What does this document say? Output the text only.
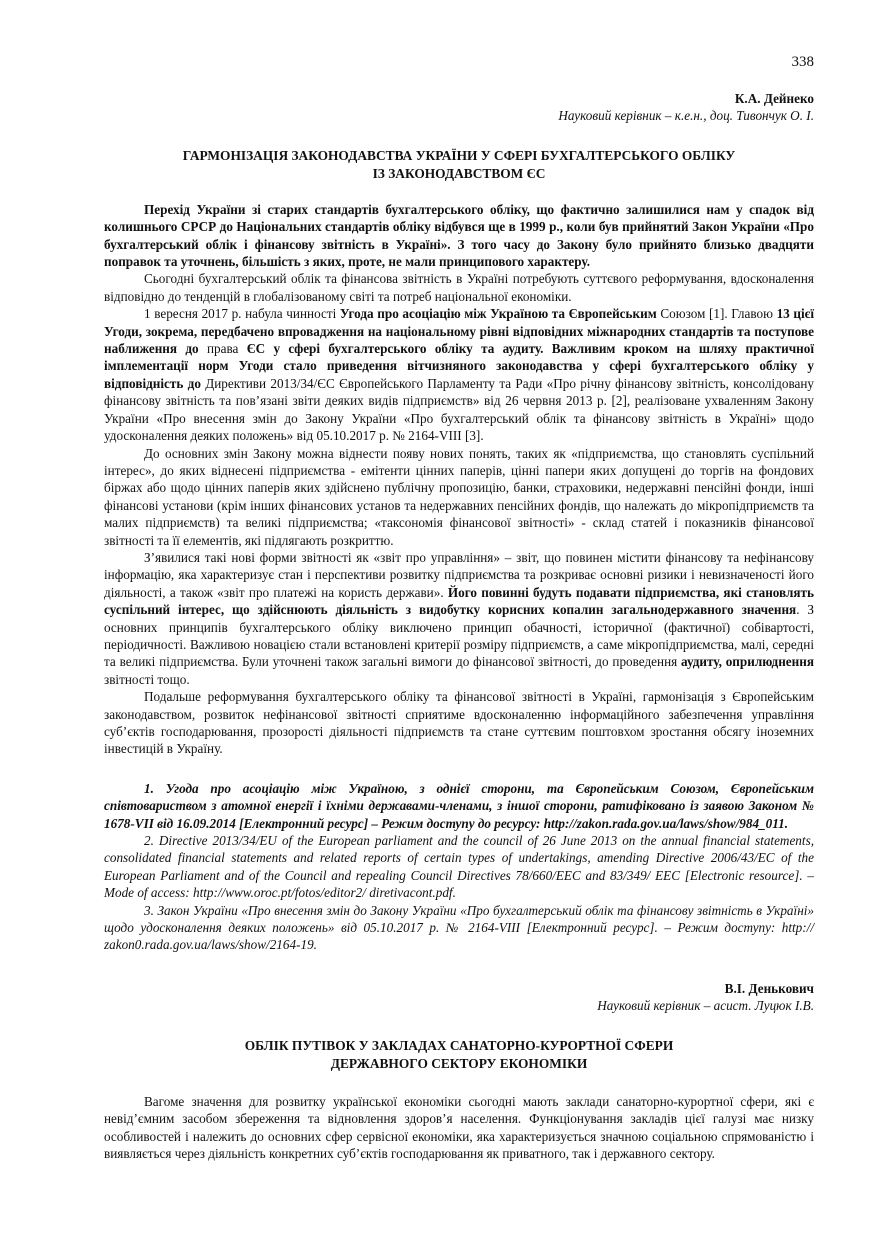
338
К.А. Дейнеко
Науковий керівник – к.е.н., доц. Тивончук О. І.
ГАРМОНІЗАЦІЯ ЗАКОНОДАВСТВА УКРАЇНИ У СФЕРІ БУХГАЛТЕРСЬКОГО ОБЛІКУ
ІЗ ЗАКОНОДАВСТВОМ ЄС

Перехід України зі старих стандартів бухгалтерського обліку, що фактично залишилися нам у спадок від колишнього СРСР до Національних стандартів обліку відбувся ще в 1999 р., коли був прийнятий Закон України «Про бухгалтерський облік і фінансову звітність в Україні». З того часу до Закону було прийнято близько двадцяти поправок та уточнень, більшість з яких, проте, не мали принципового характеру.

Сьогодні бухгалтерський облік та фінансова звітність в Україні потребують суттєвого реформування, вдосконалення відповідно до тенденцій в глобалізованому світі та потреб національної економіки.

1 вересня 2017 р. набула чинності Угода про асоціацію між Україною та Європейським Союзом [1]. Главою 13 цієї Угоди, зокрема, передбачено впровадження на національному рівні відповідних міжнародних стандартів та поступове наближення до права ЄС у сфері бухгалтерського обліку та аудиту. Важливим кроком на шляху практичної імплементації норм Угоди стало приведення вітчизняного законодавства у сфері бухгалтерського обліку у відповідність до Директиви 2013/34/ЄС Європейського Парламенту та Ради «Про річну фінансову звітність, консолідовану фінансову звітність та пов’язані звіти деяких видів підприємств» від 26 червня 2013 р. [2], реалізоване ухваленням Закону України «Про внесення змін до Закону України «Про бухгалтерський облік та фінансову звітність в Україні» щодо удосконалення деяких положень» від 05.10.2017 р. № 2164-VIII [3].

До основних змін Закону можна віднести появу нових понять, таких як «підприємства, що становлять суспільний інтерес», до яких віднесені підприємства - емітенти цінних паперів, цінні папери яких допущені до торгів на фондових біржах або щодо цінних паперів яких здійснено публічну пропозицію, банки, страховики, недержавні пенсійні фонди, інші фінансові установи (крім інших фінансових установ та недержавних пенсійних фондів, що належать до мікропідприємств та малих підприємств) та великі підприємства; «таксономія фінансової звітності» - склад статей і показників фінансової звітності та її елементів, які підлягають розкриттю.

З’явилися такі нові форми звітності як «звіт про управління» – звіт, що повинен містити фінансову та нефінансову інформацію, яка характеризує стан і перспективи розвитку підприємства та розкриває основні ризики і невизначеності його діяльності, а також «звіт про платежі на користь держави». Його повинні будуть подавати підприємства, які становлять суспільний інтерес, що здійснюють діяльність з видобутку корисних копалин загальнодержавного значення. З основних принципів бухгалтерського обліку виключено принцип обачності, історичної (фактичної) собівартості, періодичності. Важливою новацією стали встановлені критерії розміру підприємств, а саме мікропідприємства, малі, середні та великі підприємства. Були уточнені також загальні вимоги до фінансової звітності, до проведення аудиту, оприлюднення звітності тощо.

Подальше реформування бухгалтерського обліку та фінансової звітності в Україні, гармонізація з Європейським законодавством, розвиток нефінансової звітності сприятиме вдосконаленню інформаційного забезпечення управління суб’єктів господарювання, прозорості діяльності підприємств та стане суттєвим поштовхом зростання обсягу іноземних інвестицій в Україну.

1. Угода про асоціацію між Україною, з однієї сторони, та Європейським Союзом, Європейським співтовариством з атомної енергії і їхніми державами-членами, з іншої сторони, ратифіковано із заявою Законом № 1678-VII від 16.09.2014 [Електронний ресурс] – Режим доступу до ресурсу: http://zakon.rada.gov.ua/laws/show/984_011.

2. Directive 2013/34/EU of the European parliament and the council of 26 June 2013 on the annual financial statements, consolidated financial statements and related reports of certain types of undertakings, amending Directive 2006/43/EC of the European Parliament and of the Council and repealing Council Directives 78/660/EEC and 83/349/ EEC [Electronic resource]. – Mode of access: http://www.oroc.pt/fotos/editor2/ diretivacont.pdf.

3. Закон України «Про внесення змін до Закону України «Про бухгалтерський облік та фінансову звітність в Україні» щодо удосконалення деяких положень» від 05.10.2017 р. № 2164-VIII [Електронний ресурс]. – Режим доступу: http:// zakon0.rada.gov.ua/laws/show/2164-19.

В.І. Денькович
Науковий керівник – асист. Луцюк І.В.
ОБЛІК ПУТІВОК У ЗАКЛАДАХ САНАТОРНО-КУРОРТНОЇ СФЕРИ
ДЕРЖАВНОГО СЕКТОРУ ЕКОНОМІКИ

Вагоме значення для розвитку української економіки сьогодні мають заклади санаторно-курортної сфери, які є невід’ємним засобом збереження та відновлення здоров’я населення. Функціонування закладів цієї галузі має низку особливостей і належить до основних сфер сервісної економіки, яка характеризується значною соціальною спрямованістю і виявляється через діяльність конкретних суб’єктів господарювання як приватного, так і державного сектору.
